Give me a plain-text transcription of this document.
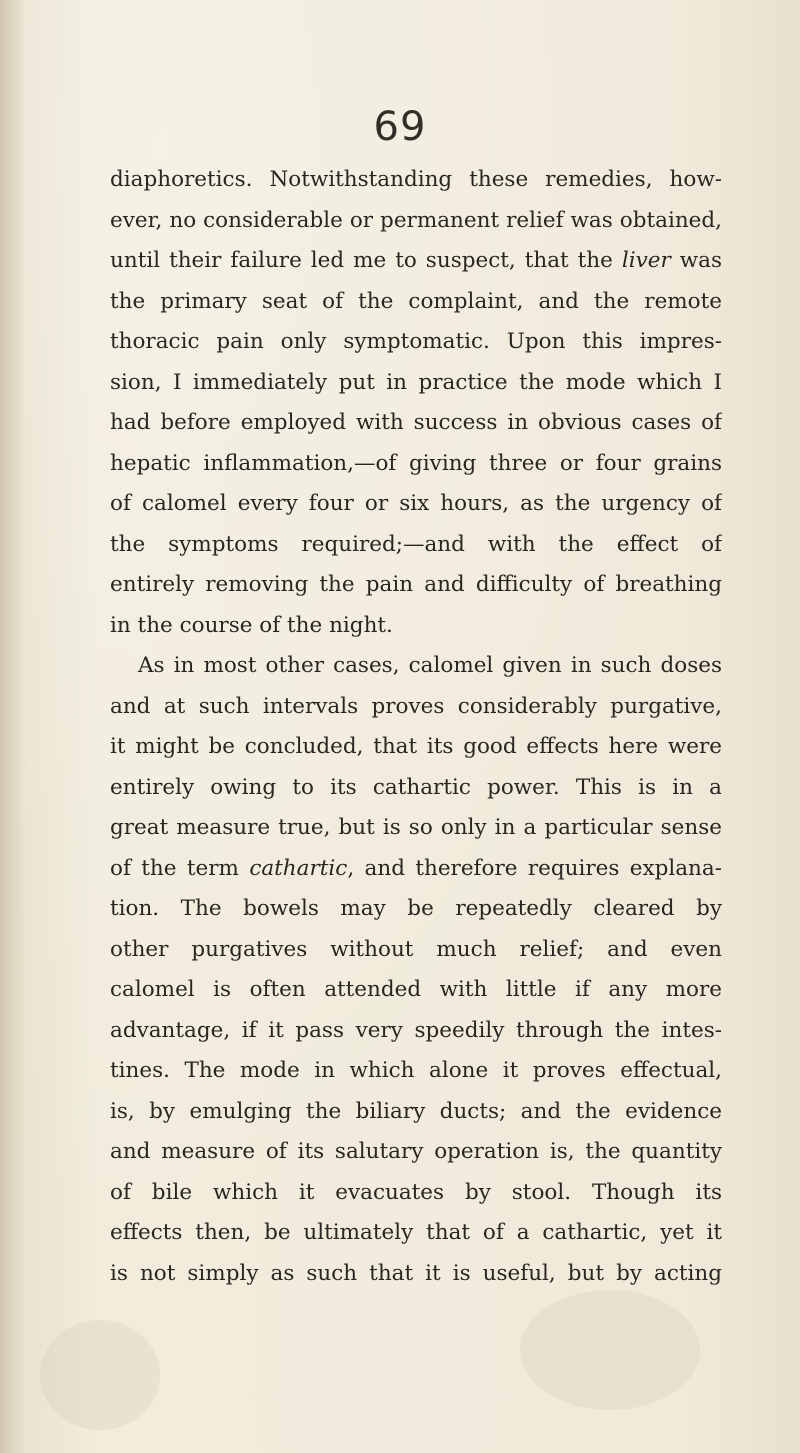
69
diaphoretics. Notwithstanding these remedies, how-
ever, no considerable or permanent relief was obtained,
until their failure led me to suspect, that the liver was
the primary seat of the complaint, and the remote
thoracic pain only symptomatic. Upon this impres-
sion, I immediately put in practice the mode which I
had before employed with success in obvious cases of
hepatic inflammation,—of giving three or four grains
of calomel every four or six hours, as the urgency of
the symptoms required;—and with the effect of
entirely removing the pain and difficulty of breathing
in the course of the night.
As in most other cases, calomel given in such doses
and at such intervals proves considerably purgative,
it might be concluded, that its good effects here were
entirely owing to its cathartic power. This is in a
great measure true, but is so only in a particular sense
of the term cathartic, and therefore requires explana-
tion. The bowels may be repeatedly cleared by
other purgatives without much relief; and even
calomel is often attended with little if any more
advantage, if it pass very speedily through the intes-
tines. The mode in which alone it proves effectual,
is, by emulging the biliary ducts; and the evidence
and measure of its salutary operation is, the quantity
of bile which it evacuates by stool. Though its
effects then, be ultimately that of a cathartic, yet it
is not simply as such that it is useful, but by acting
